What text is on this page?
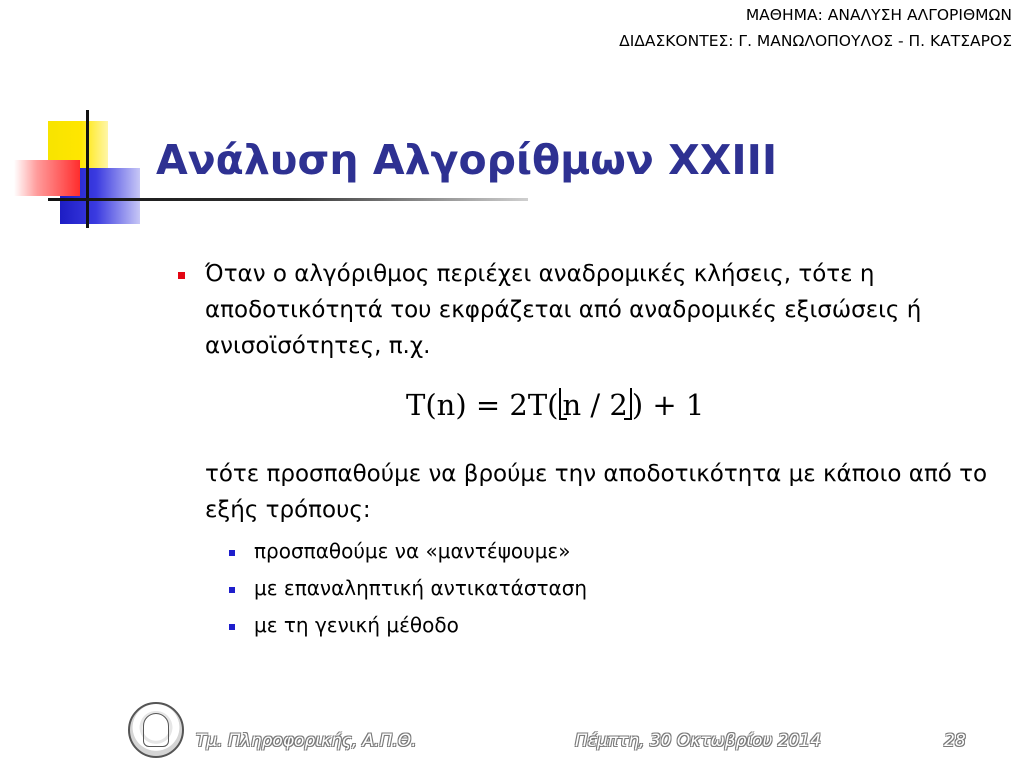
ΜΑΘΗΜΑ: ΑΝΑΛΥΣΗ ΑΛΓΟΡΙΘΜΩΝ
ΔΙΔΑΣΚΟΝΤΕΣ: Γ. ΜΑΝΩΛΟΠΟΥΛΟΣ - Π. ΚΑΤΣΑΡΟΣ
Ανάλυση Αλγορίθμων XXIII
Όταν ο αλγόριθμος περιέχει αναδρομικές κλήσεις, τότε η αποδοτικότητά του εκφράζεται από αναδρομικές εξισώσεις ή ανισοϊσότητες, π.χ.
T(n) = 2T( n / 2 ) + 1
τότε προσπαθούμε να βρούμε την αποδοτικότητα με κάποιο από το εξής τρόπους:
προσπαθούμε να «μαντέψουμε»
με επαναληπτική αντικατάσταση
με τη γενική μέθοδο
Τμ. Πληροφορικής, Α.Π.Θ.	Πέμπτη, 30 Οκτωβρίου 2014	28
